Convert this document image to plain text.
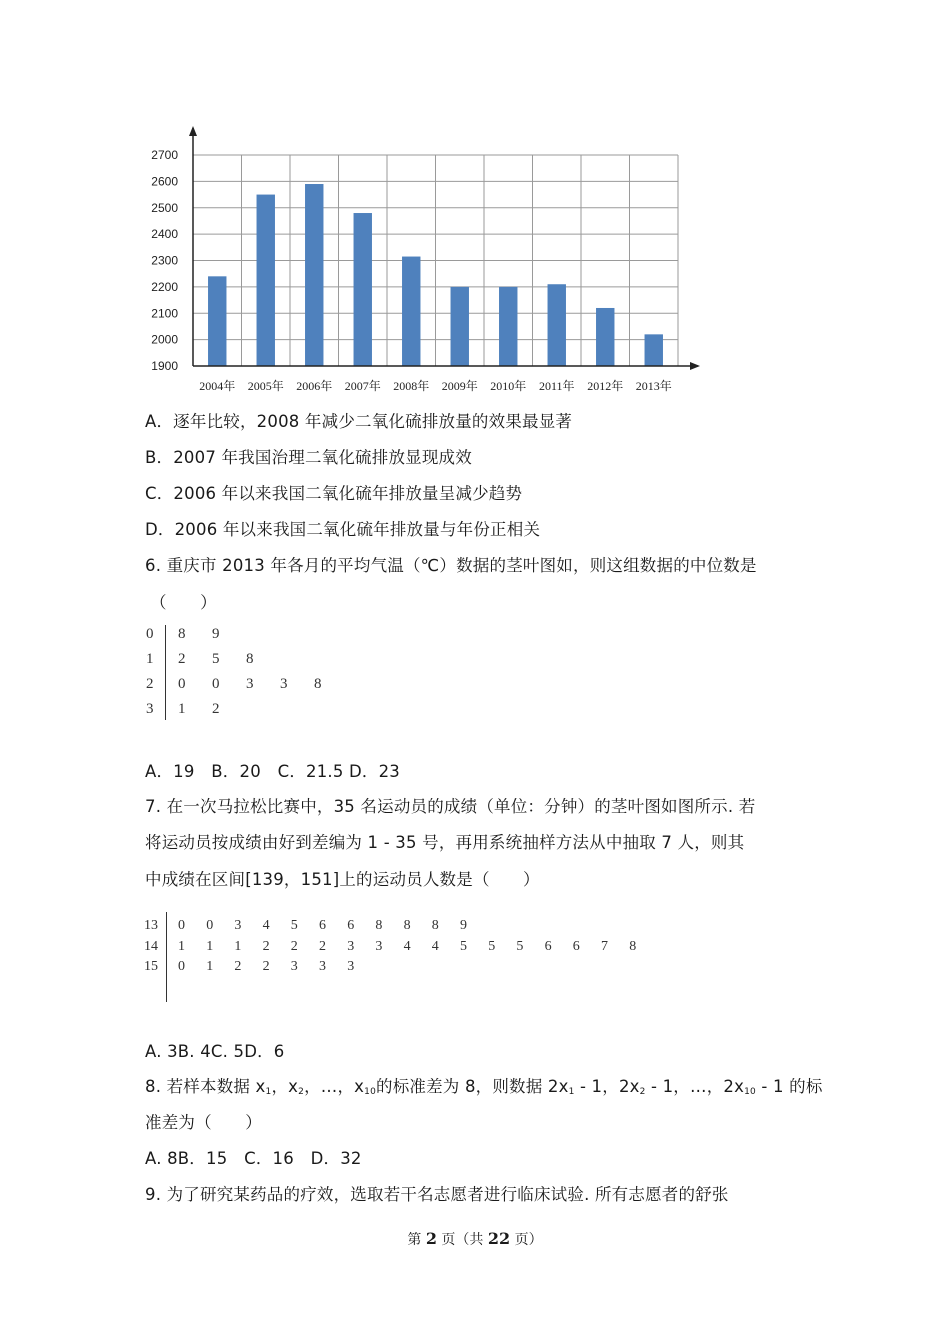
1900
2000
2100
2200
2300
2400
2500
2600
2700
2004年 2005年 2006年 2007年 2008年 2009年 2010年 2011年 2012年 2013年
A．逐年比较，2008 年减少二氧化硫排放量的效果最显著
B．2007 年我国治理二氧化硫排放显现成效
C．2006 年以来我国二氧化硫年排放量呈减少趋势
D．2006 年以来我国二氧化硫年排放量与年份正相关
6. 重庆市 2013 年各月的平均气温（℃）数据的茎叶图如，则这组数据的中位数是
（　　）
0 8 9
1 2 5 8
2 0 0 3 3 8
3 1 2
A．19　B．20　C．21.5 D．23
7. 在一次马拉松比赛中，35 名运动员的成绩（单位：分钟）的茎叶图如图所示. 若
将运动员按成绩由好到差编为 1 - 35 号，再用系统抽样方法从中抽取 7 人，则其
中成绩在区间[139，151]上的运动员人数是（　　）
13 0 0 3 4 5 6 6 8 8 8 9
14 1 1 1 2 2 2 3 3 4 4 5 5 5 6 6 7 8
15 0 1 2 2 3 3 3
A. 3B. 4C. 5D．6
8. 若样本数据 $x_1$，$x_2$，…，$x_{10}$的标准差为 8，则数据 $2x_1 - 1$，$2x_2 - 1$，…，$2x_{10} - 1$ 的标
准差为（　　）
A. 8B．15　C．16　D．32
9. 为了研究某药品的疗效，选取若干名志愿者进行临床试验. 所有志愿者的舒张
第 2 页（共 22 页）
